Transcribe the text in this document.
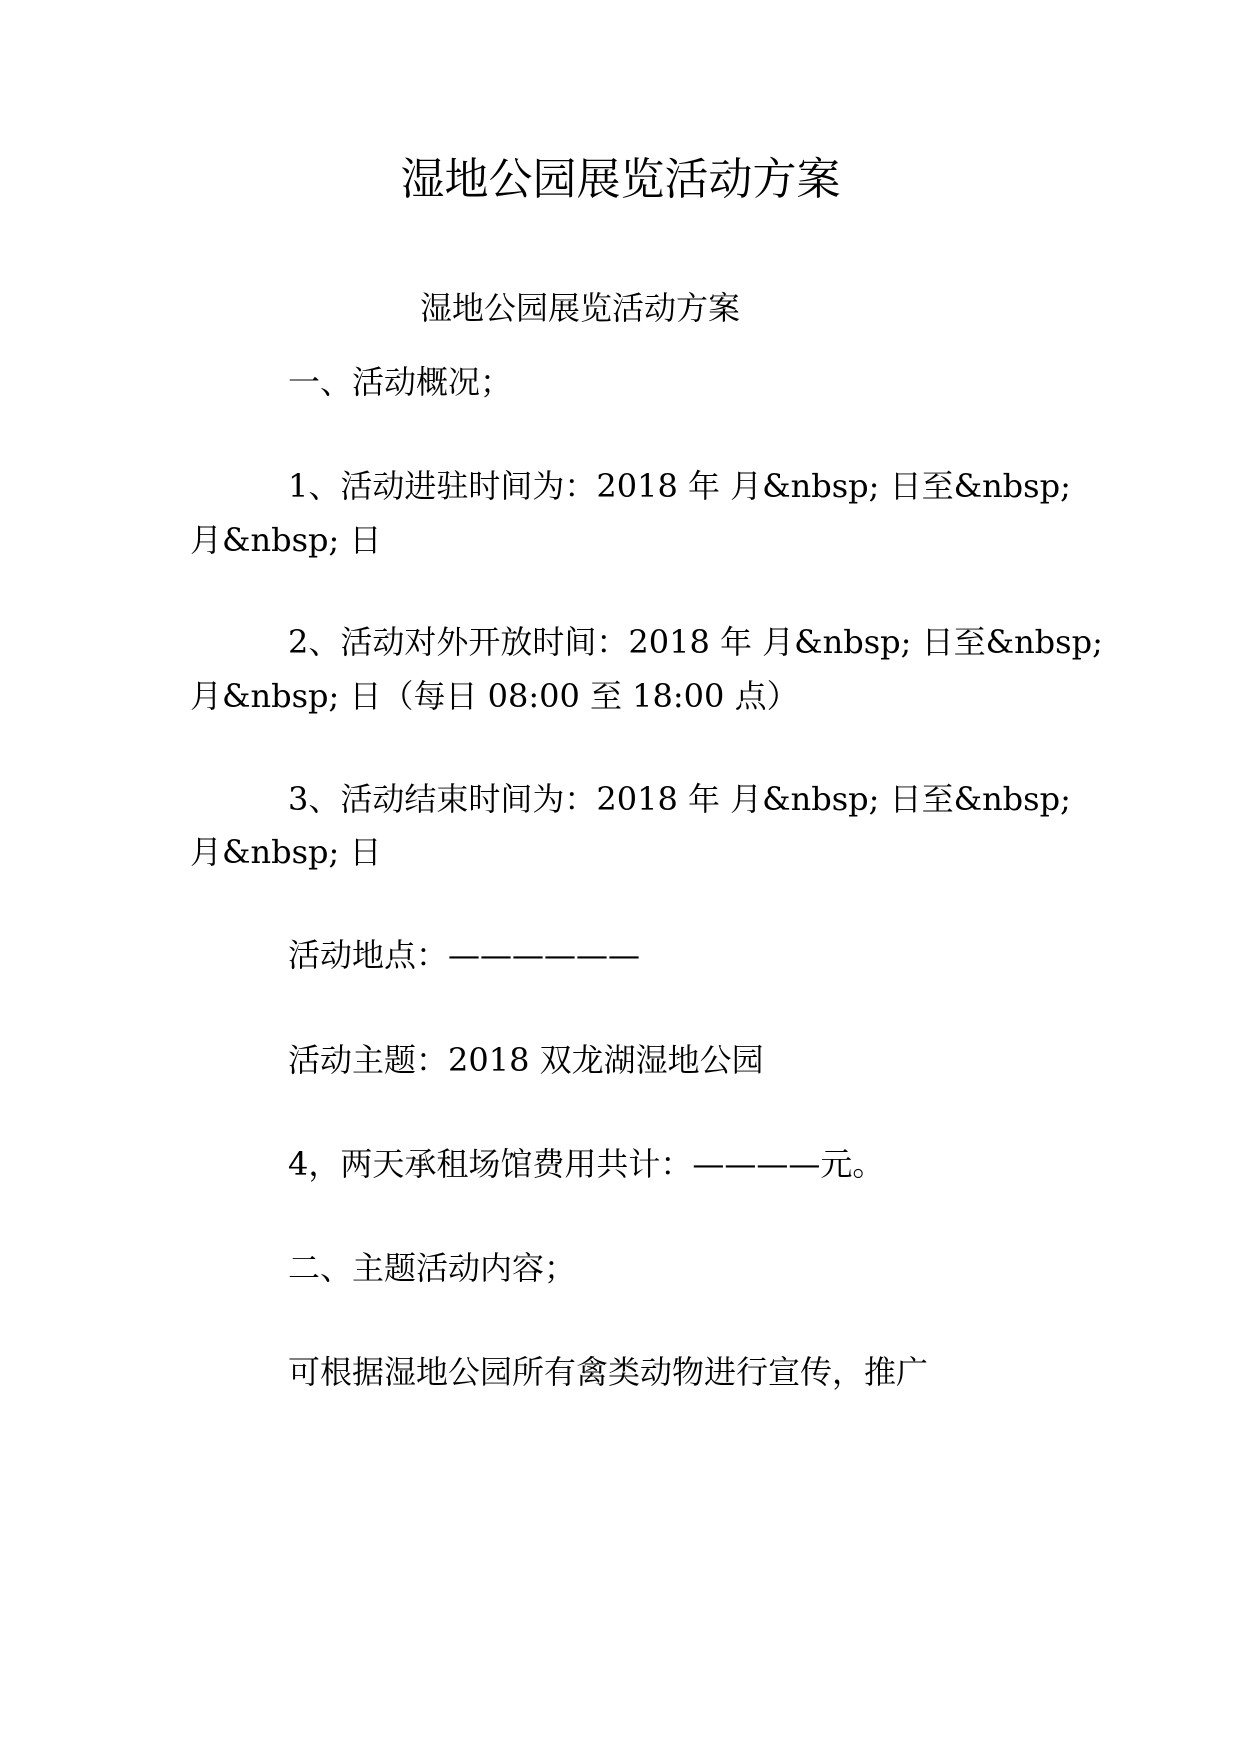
湿地公园展览活动方案
湿地公园展览活动方案
一、活动概况；
1、活动进驻时间为：2018 年 月&nbsp; 日至&nbsp;
月&nbsp; 日
2、活动对外开放时间：2018 年 月&nbsp; 日至&nbsp;
月&nbsp; 日（每日 08:00 至 18:00 点）
3、活动结束时间为：2018 年 月&nbsp; 日至&nbsp;
月&nbsp; 日
活动地点：——————
活动主题：2018 双龙湖湿地公园
4，两天承租场馆费用共计：————元。
二、主题活动内容；
可根据湿地公园所有禽类动物进行宣传，推广
